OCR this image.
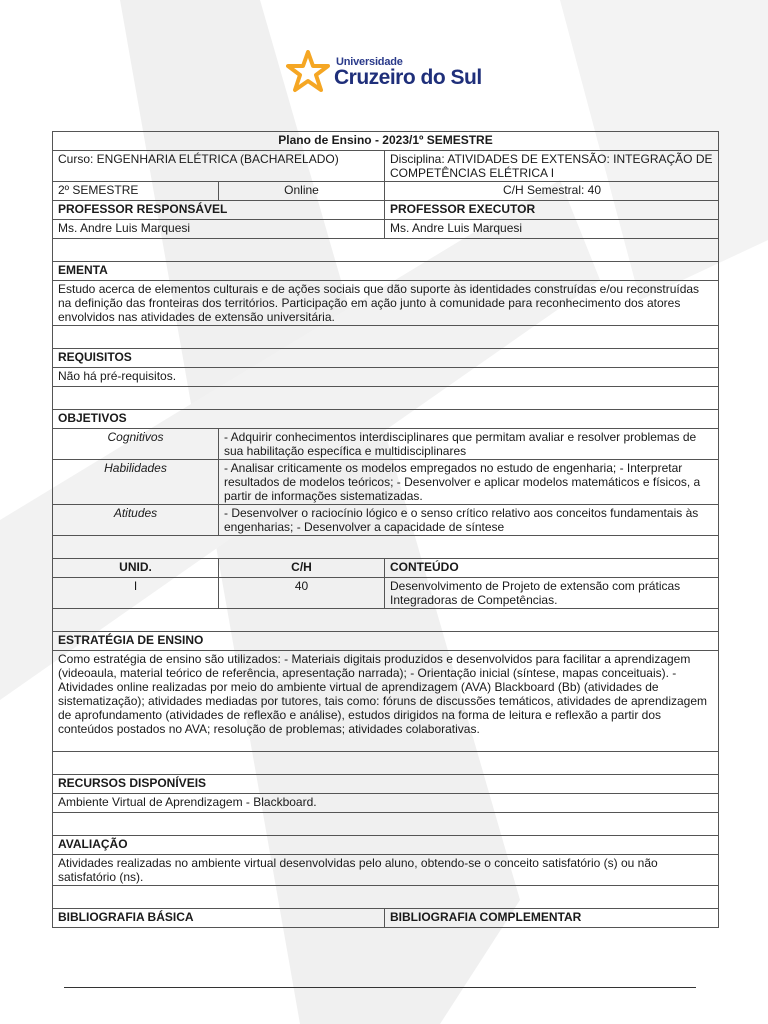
Universidade
Cruzeiro do Sul
Plano de Ensino - 2023/1º SEMESTRE		
Curso: ENGENHARIA ELÉTRICA (BACHARELADO)		Disciplina: ATIVIDADES DE EXTENSÃO: INTEGRAÇÃO DE COMPETÊNCIAS ELÉTRICA I
2º SEMESTRE	Online	C/H Semestral: 40
PROFESSOR RESPONSÁVEL		PROFESSOR EXECUTOR
Ms. Andre Luis Marquesi		Ms. Andre Luis Marquesi

EMENTA		
Estudo acerca de elementos culturais e de ações sociais que dão suporte às identidades construídas e/ou reconstruídas na definição das fronteiras dos territórios. Participação em ação junto à comunidade para reconhecimento dos atores envolvidos nas atividades de extensão universitária.		

REQUISITOS		
Não há pré-requisitos.		

OBJETIVOS		
Cognitivos	- Adquirir conhecimentos interdisciplinares que permitam avaliar e resolver problemas de sua habilitação específica e multidisciplinares	
Habilidades	- Analisar criticamente os modelos empregados no estudo de engenharia; - Interpretar resultados de modelos teóricos; - Desenvolver e aplicar modelos matemáticos e físicos, a partir de informações sistematizadas.	
Atitudes	- Desenvolver o raciocínio lógico e o senso crítico relativo aos conceitos fundamentais às engenharias; - Desenvolver a capacidade de síntese	

UNID.	C/H	CONTEÚDO
I	40	Desenvolvimento de Projeto de extensão com práticas Integradoras de Competências.

ESTRATÉGIA DE ENSINO		
Como estratégia de ensino são utilizados: - Materiais digitais produzidos e desenvolvidos para facilitar a aprendizagem (videoaula, material teórico de referência, apresentação narrada); - Orientação inicial (síntese, mapas conceituais). - Atividades online realizadas por meio do ambiente virtual de aprendizagem (AVA) Blackboard (Bb) (atividades de sistematização); atividades mediadas por tutores, tais como: fóruns de discussões temáticos, atividades de aprendizagem de aprofundamento (atividades de reflexão e análise), estudos dirigidos na forma de leitura e reflexão a partir dos conteúdos postados no AVA; resolução de problemas; atividades colaborativas.		

RECURSOS DISPONÍVEIS		
Ambiente Virtual de Aprendizagem - Blackboard.		

AVALIAÇÃO		
Atividades realizadas no ambiente virtual desenvolvidas pelo aluno, obtendo-se o conceito satisfatório (s) ou não satisfatório (ns).		

BIBLIOGRAFIA BÁSICA		BIBLIOGRAFIA COMPLEMENTAR
